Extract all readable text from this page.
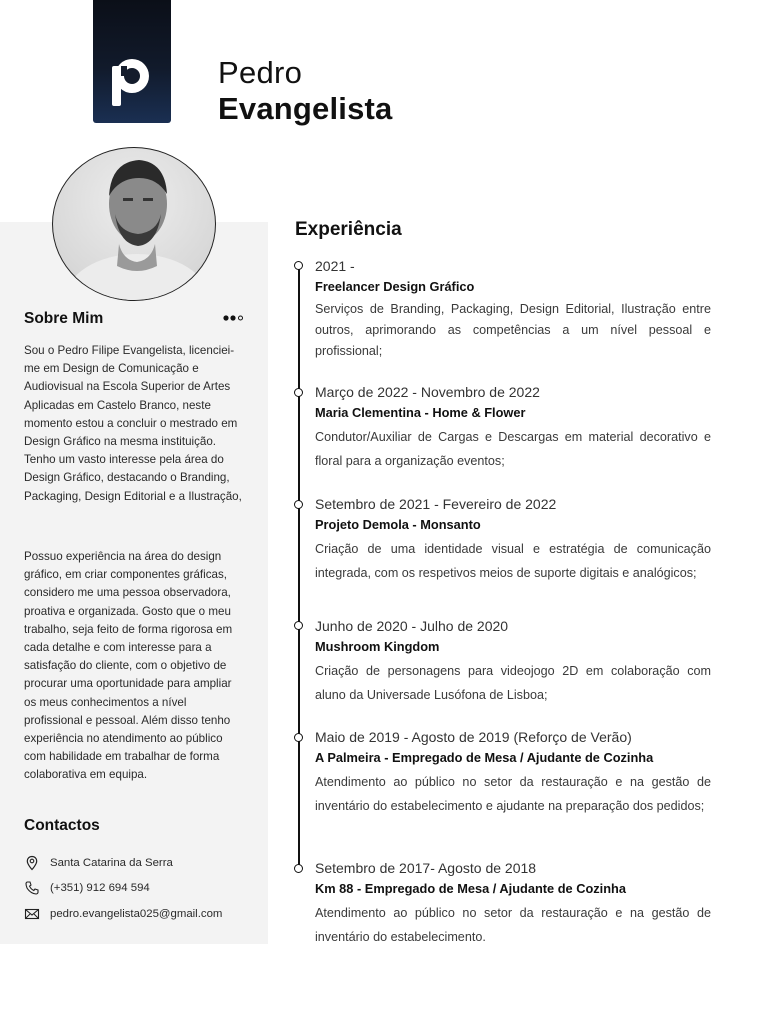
Pedro
Evangelista
Sobre Mim
Sou o Pedro Filipe Evangelista, licenciei-me em Design de Comunicação e Audiovisual na Escola Superior de Artes Aplicadas em Castelo Branco, neste momento estou a concluir o mestrado em Design Gráfico na mesma instituição. Tenho um vasto interesse pela área do Design Gráfico, destacando o Branding, Packaging, Design Editorial e a Ilustração,
Possuo experiência na área do design gráfico, em criar componentes gráficas, considero me uma pessoa observadora, proativa e organizada. Gosto que o meu trabalho, seja feito de forma rigorosa em cada detalhe e com interesse para a satisfação do cliente, com o objetivo de procurar uma oportunidade para ampliar os meus conhecimentos a nível profissional e pessoal. Além disso tenho experiência no atendimento ao público com habilidade em trabalhar de forma colaborativa em equipa.
Contactos
Santa Catarina da Serra
(+351) 912 694 594
pedro.evangelista025@gmail.com
Experiência
2021 -
Freelancer Design Gráfico
Serviços de Branding, Packaging, Design Editorial, Ilustração entre outros, aprimorando as competências a um nível pessoal e profissional;
Março de 2022 - Novembro de 2022
Maria Clementina - Home & Flower
Condutor/Auxiliar de Cargas e Descargas em material decorativo e floral para a organização eventos;
Setembro de 2021 - Fevereiro de 2022
Projeto Demola - Monsanto
Criação de uma identidade visual e estratégia de comunicação integrada, com os respetivos meios de suporte digitais e analógicos;
Junho de 2020 - Julho de 2020
Mushroom Kingdom
Criação de personagens para videojogo 2D em colaboração com aluno da Universade Lusófona de Lisboa;
Maio de 2019 - Agosto de 2019 (Reforço de Verão)
A Palmeira - Empregado de Mesa / Ajudante de Cozinha
Atendimento ao público no setor da restauração e na gestão de inventário do estabelecimento e ajudante na preparação dos pedidos;
Setembro de 2017- Agosto de 2018
Km 88 - Empregado de Mesa / Ajudante de Cozinha
Atendimento ao público no setor da restauração e na gestão de inventário do estabelecimento.
